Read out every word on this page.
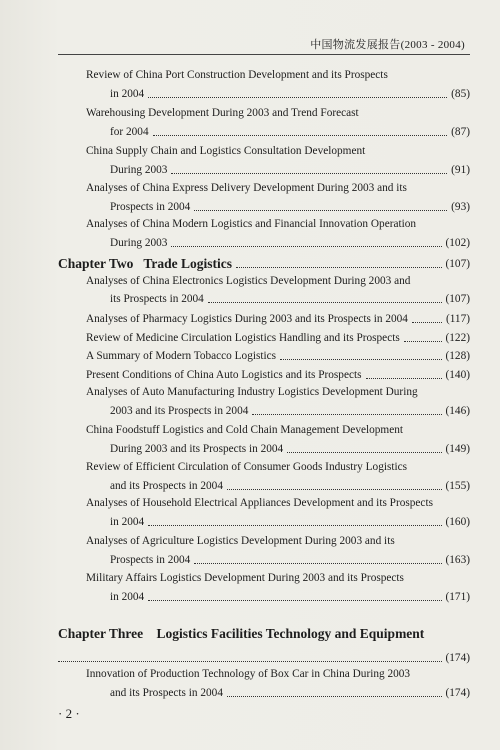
中国物流发展报告(2003 - 2004)
Review of China Port Construction Development and its Prospects
in 2004	(85)
Warehousing Development During 2003 and Trend Forecast
for 2004	(87)
China Supply Chain and Logistics Consultation Development
During 2003	(91)
Analyses of China Express Delivery Development During 2003 and its
Prospects in 2004	(93)
Analyses of China Modern Logistics and Financial Innovation Operation
During 2003	(102)
Chapter Two Trade Logistics	(107)
Analyses of China Electronics Logistics Development During 2003 and
its Prospects in 2004	(107)
Analyses of Pharmacy Logistics During 2003 and its Prospects in 2004	(117)
Review of Medicine Circulation Logistics Handling and its Prospects	(122)
A Summary of Modern Tobacco Logistics	(128)
Present Conditions of China Auto Logistics and its Prospects	(140)
Analyses of Auto Manufacturing Industry Logistics Development During
2003 and its Prospects in 2004	(146)
China Foodstuff Logistics and Cold Chain Management Development
During 2003 and its Prospects in 2004	(149)
Review of Efficient Circulation of Consumer Goods Industry Logistics
and its Prospects in 2004	(155)
Analyses of Household Electrical Appliances Development and its Prospects
in 2004	(160)
Analyses of Agriculture Logistics Development During 2003 and its
Prospects in 2004	(163)
Military Affairs Logistics Development During 2003 and its Prospects
in 2004	(171)
Chapter Three Logistics Facilities Technology and Equipment
(174)
Innovation of Production Technology of Box Car in China During 2003
and its Prospects in 2004	(174)
· 2 ·
